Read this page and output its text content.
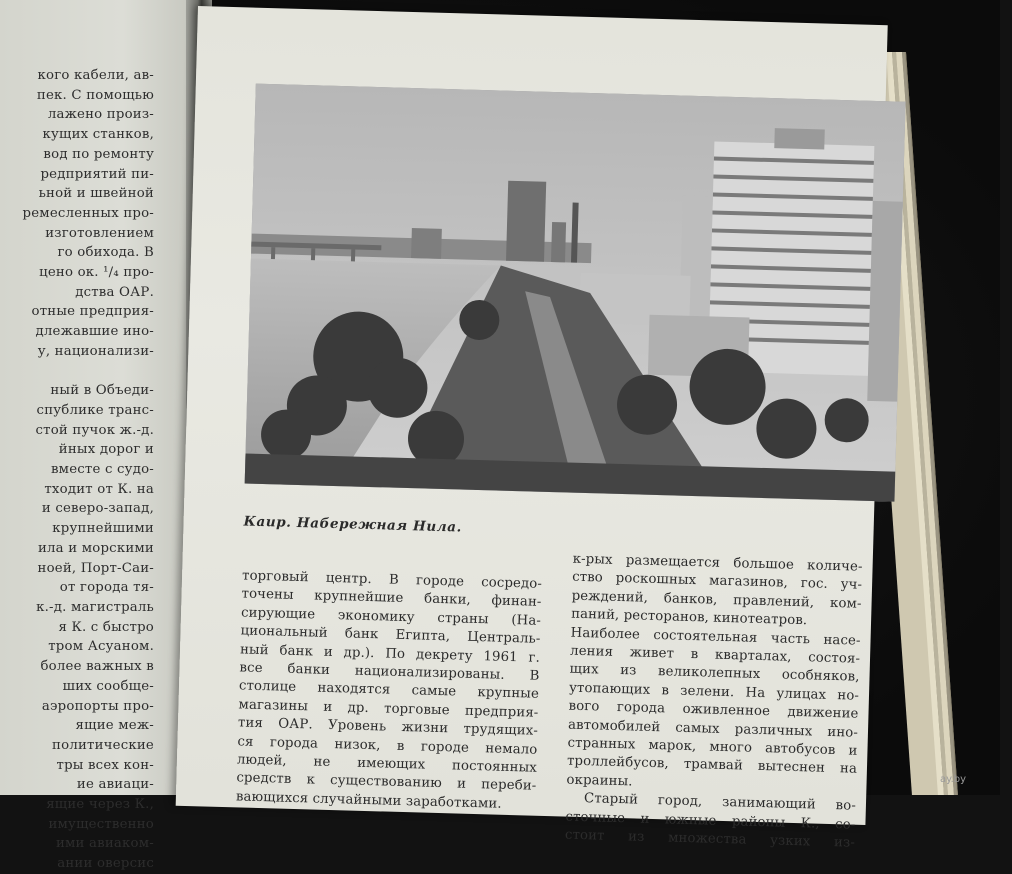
кого кабели, ав-
пек. С помощью
лажено произ-
кущих станков,
вод по ремонту
редприятий пи-
ьной и швейной
ремесленных про-
изготовлением
го обихода. В
цено ок. ¹/₄ про-
дства ОАР.
отные предприя-
длежавшие ино-
у, национализи-

ный в Объеди-
спублике транс-
стой пучок ж.-д.
йных дорог и
вместе с судо-
тходит от К. на
и северо-запад,
крупнейшими
ила и морскими
ноей, Порт-Саи-
от города тя-
к.-д. магистраль
я К. с быстро
тром Асуаном.
более важных в
ших сообще-
аэропорты про-
ящие меж-
политические
тры всех кон-
ие авиаци-
ящие через К.,
имущественно
ими авиаком-
ании оверсис
Каир. Набережная Нила.
торговый центр. В городе сосредо-
точены крупнейшие банки, финан-
сирующие экономику страны (На-
циональный банк Египта, Централь-
ный банк и др.). По декрету 1961 г.
все банки национализированы. В
столице находятся самые крупные
магазины и др. торговые предприя-
тия ОАР. Уровень жизни трудящих-
ся города низок, в городе немало
людей, не имеющих постоянных
средств к существованию и переби-
вающихся случайными заработками.
к-рых размещается большое количе-
ство роскошных магазинов, гос. уч-
реждений, банков, правлений, ком-
паний, ресторанов, кинотеатров.
Наиболее состоятельная часть насе-
ления живет в кварталах, состоя-
щих из великолепных особняков,
утопающих в зелени. На улицах но-
вого города оживленное движение
автомобилей самых различных ино-
странных марок, много автобусов и
троллейбусов, трамвай вытеснен на
окраины.
Старый город, занимающий во-
сточные и южные районы К., со-
стоит из множества узких из-
ay.by
